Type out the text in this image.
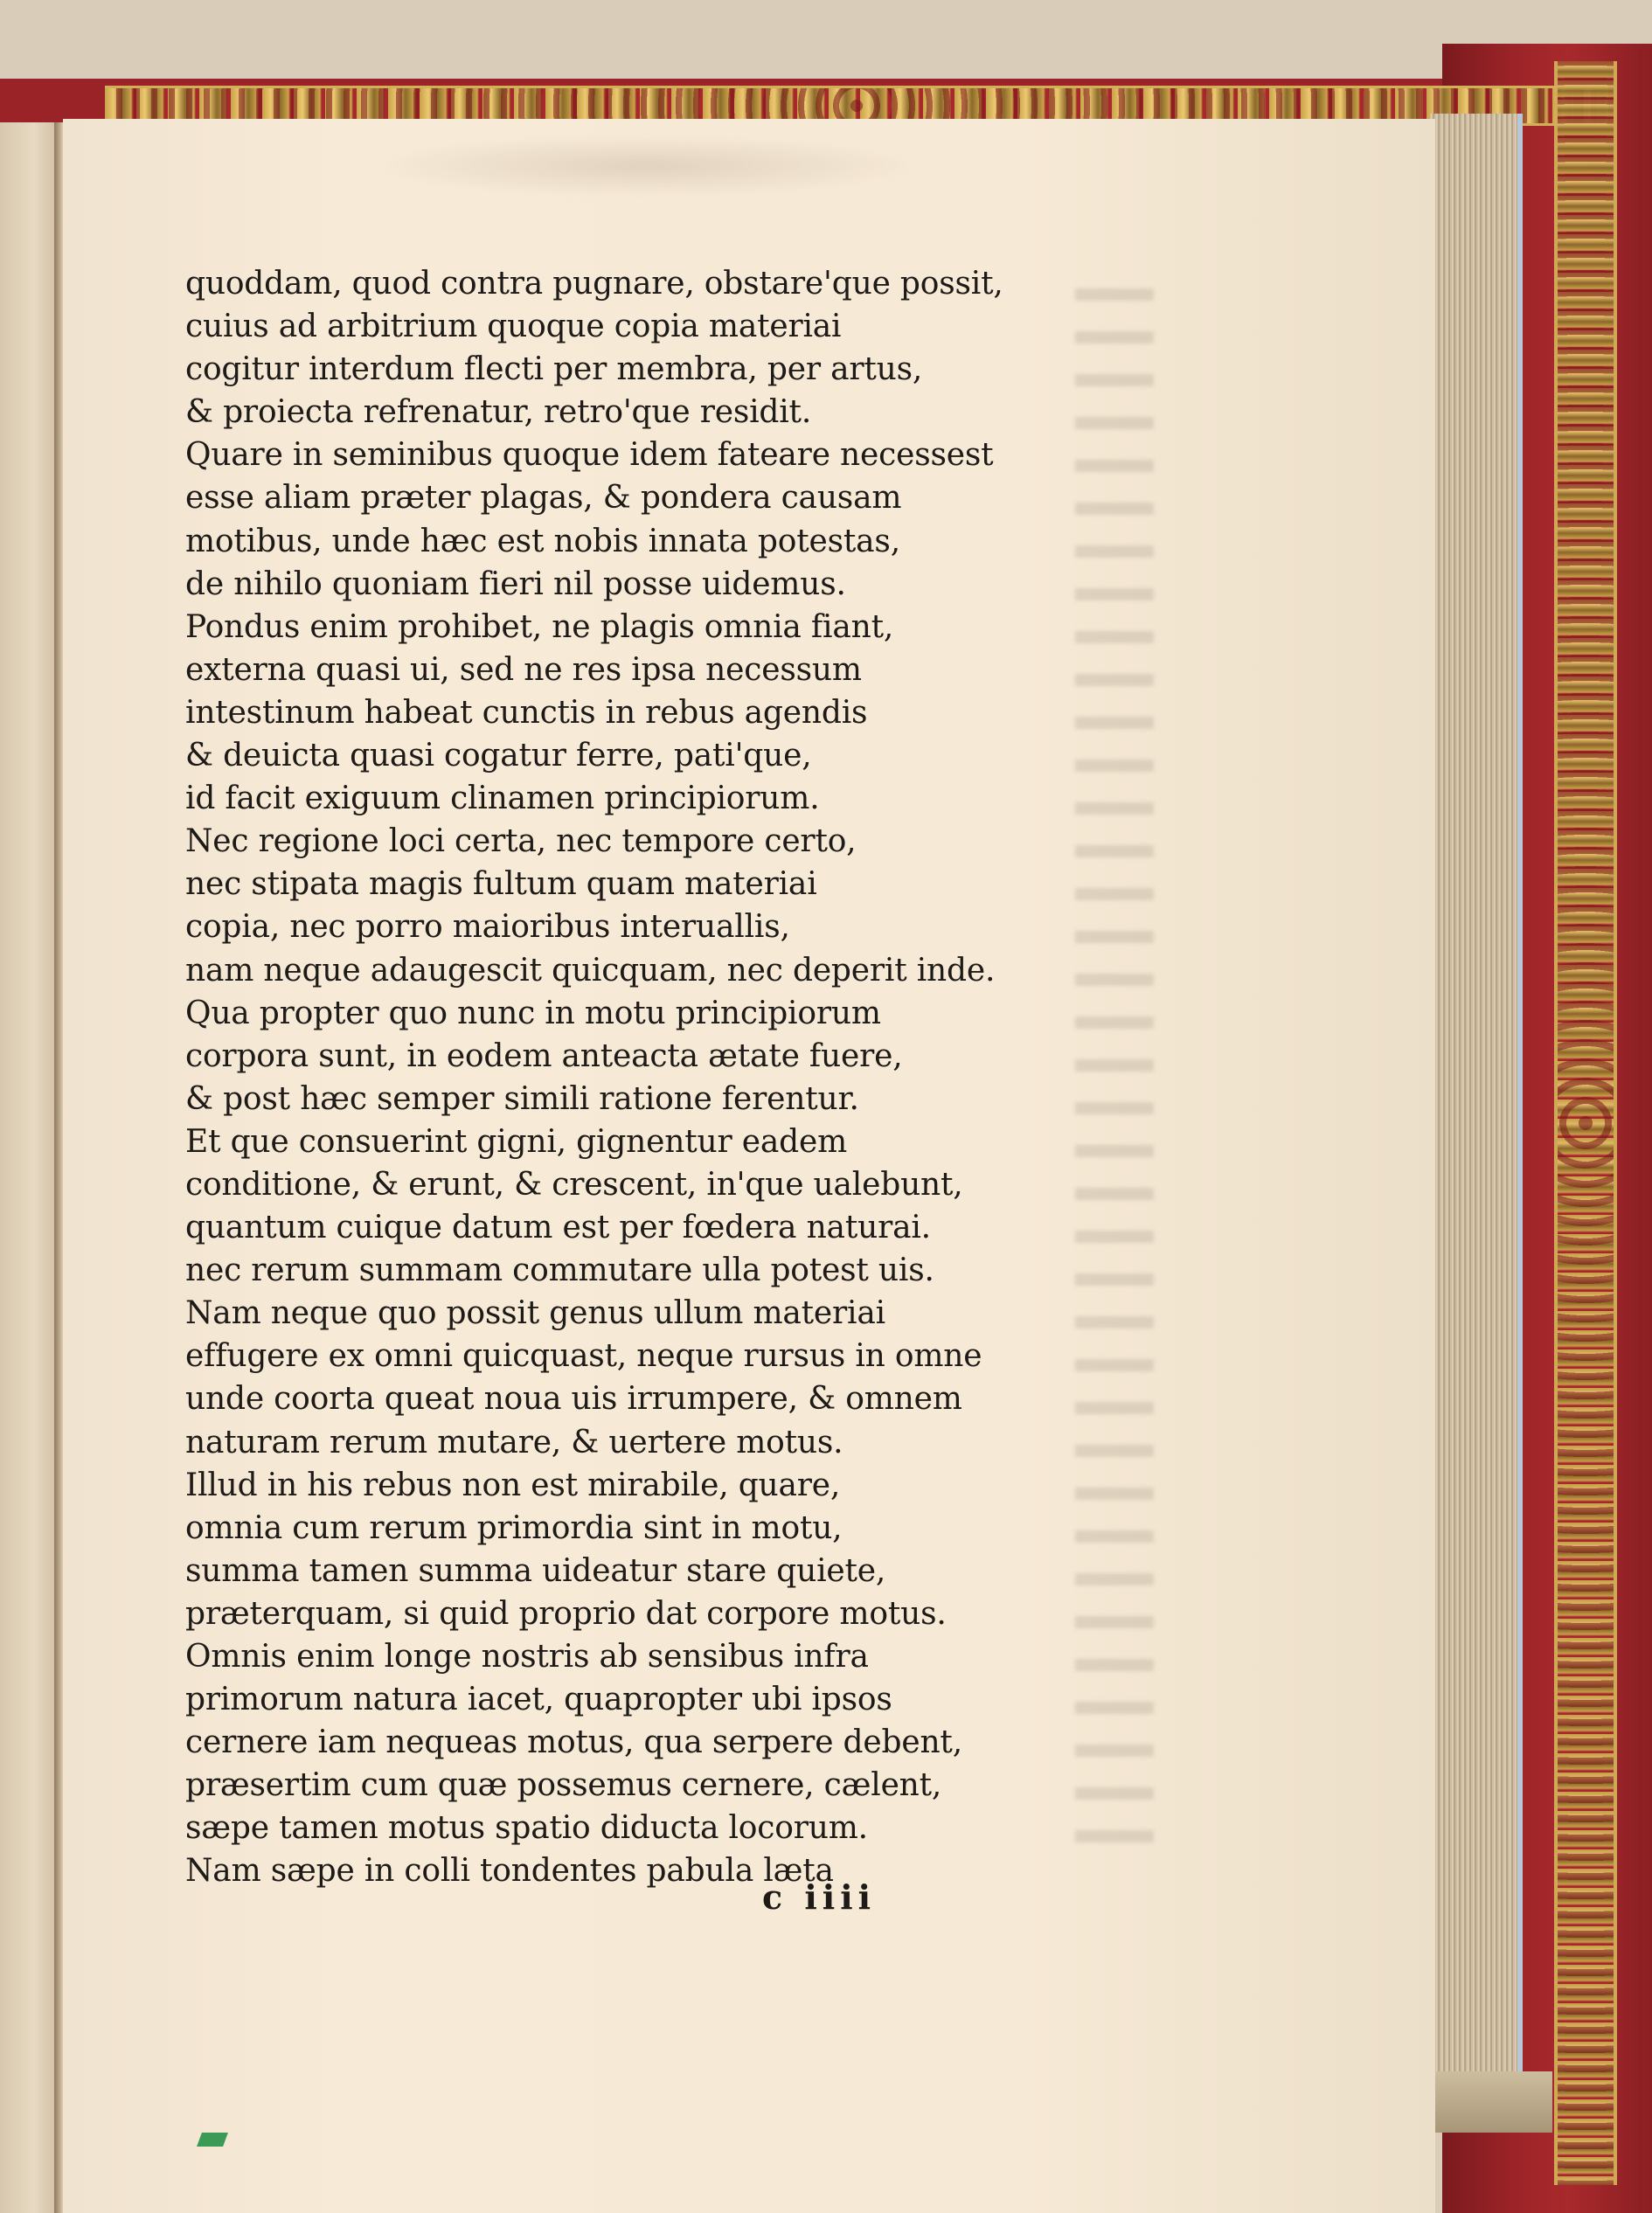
quoddam, quod contra pugnare, obstare'que possit,
cuius ad arbitrium quoque copia materiai
cogitur interdum flecti per membra, per artus,
& proiecta refrenatur, retro'que residit.
Quare in seminibus quoque idem fateare necessest
esse aliam præter plagas, & pondera causam
motibus, unde hæc est nobis innata potestas,
de nihilo quoniam fieri nil posse uidemus.
Pondus enim prohibet, ne plagis omnia fiant,
externa quasi ui, sed ne res ipsa necessum
intestinum habeat cunctis in rebus agendis
& deuicta quasi cogatur ferre, pati'que,
id facit exiguum clinamen principiorum.
Nec regione loci certa, nec tempore certo,
nec stipata magis fultum quam materiai
copia, nec porro maioribus interuallis,
nam neque adaugescit quicquam, nec deperit inde.
Qua propter quo nunc in motu principiorum
corpora sunt, in eodem anteacta ætate fuere,
& post hæc semper simili ratione ferentur.
Et que consuerint gigni, gignentur eadem
conditione, & erunt, & crescent, in'que ualebunt,
quantum cuique datum est per fœdera naturai.
nec rerum summam commutare ulla potest uis.
Nam neque quo possit genus ullum materiai
effugere ex omni quicquast, neque rursus in omne
unde coorta queat noua uis irrumpere, & omnem
naturam rerum mutare, & uertere motus.
Illud in his rebus non est mirabile, quare,
omnia cum rerum primordia sint in motu,
summa tamen summa uideatur stare quiete,
præterquam, si quid proprio dat corpore motus.
Omnis enim longe nostris ab sensibus infra
primorum natura iacet, quapropter ubi ipsos
cernere iam nequeas motus, qua serpere debent,
præsertim cum quæ possemus cernere, cælent,
sæpe tamen motus spatio diducta locorum.
Nam sæpe in colli tondentes pabula læta
c iiii
